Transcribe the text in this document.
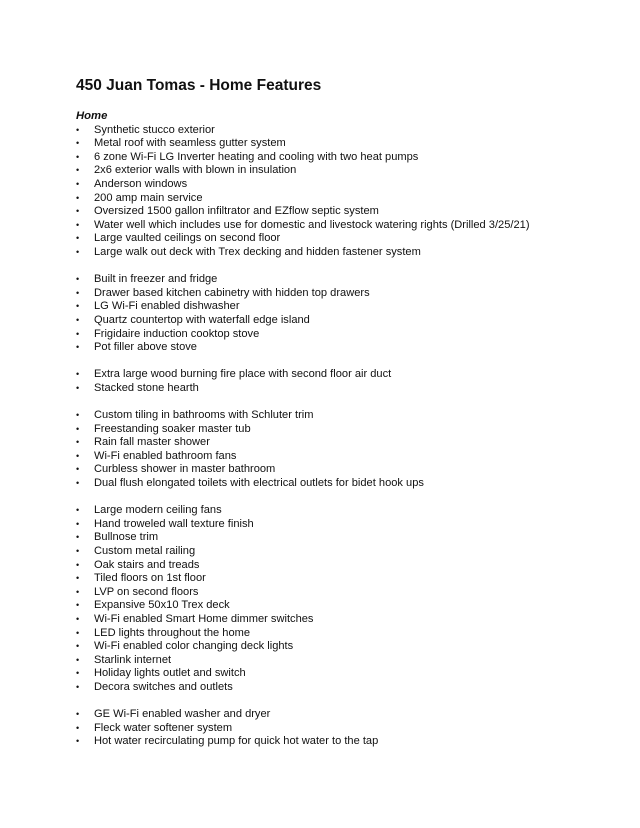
450 Juan Tomas - Home Features
Home
• Synthetic stucco exterior
• Metal roof with seamless gutter system
• 6 zone Wi-Fi LG Inverter heating and cooling with two heat pumps
• 2x6 exterior walls with blown in insulation
• Anderson windows
• 200 amp main service
• Oversized 1500 gallon infiltrator and EZflow septic system
• Water well which includes use for domestic and livestock watering rights (Drilled 3/25/21)
• Large vaulted ceilings on second floor
• Large walk out deck with Trex decking and hidden fastener system
• Built in freezer and fridge
• Drawer based kitchen cabinetry with hidden top drawers
• LG Wi-Fi enabled dishwasher
• Quartz countertop with waterfall edge island
• Frigidaire induction cooktop stove
• Pot filler above stove
• Extra large wood burning fire place with second floor air duct
• Stacked stone hearth
• Custom tiling in bathrooms with Schluter trim
• Freestanding soaker master tub
• Rain fall master shower
• Wi-Fi enabled bathroom fans
• Curbless shower in master bathroom
• Dual flush elongated toilets with electrical outlets for bidet hook ups
• Large modern ceiling fans
• Hand troweled wall texture finish
• Bullnose trim
• Custom metal railing
• Oak stairs and treads
• Tiled floors on 1st floor
• LVP on second floors
• Expansive 50x10 Trex deck
• Wi-Fi enabled Smart Home dimmer switches
• LED lights throughout the home
• Wi-Fi enabled color changing deck lights
• Starlink internet
• Holiday lights outlet and switch
• Decora switches and outlets
• GE Wi-Fi enabled washer and dryer
• Fleck water softener system
• Hot water recirculating pump for quick hot water to the tap
